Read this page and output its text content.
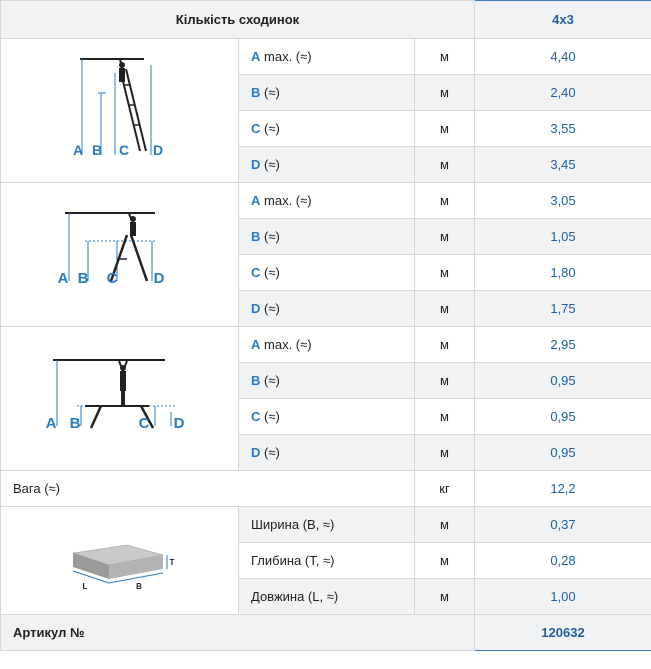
Кількість сходинок			4x3

A B C D	A max. (≈)	м	4,40
	B (≈)	м	2,40
	C (≈)	м	3,55
	D (≈)	м	3,45

A B C D	A max. (≈)	м	3,05
	B (≈)	м	1,05
	C (≈)	м	1,80
	D (≈)	м	1,75

A B C D	A max. (≈)	м	2,95
	B (≈)	м	0,95
	C (≈)	м	0,95
	D (≈)	м	0,95
Вага (≈)		кг	12,2

L B
T	Ширина (B, ≈)	м	0,37
	Глибина (T, ≈)	м	0,28
	Довжина (L, ≈)	м	1,00
Артикул №			120632
